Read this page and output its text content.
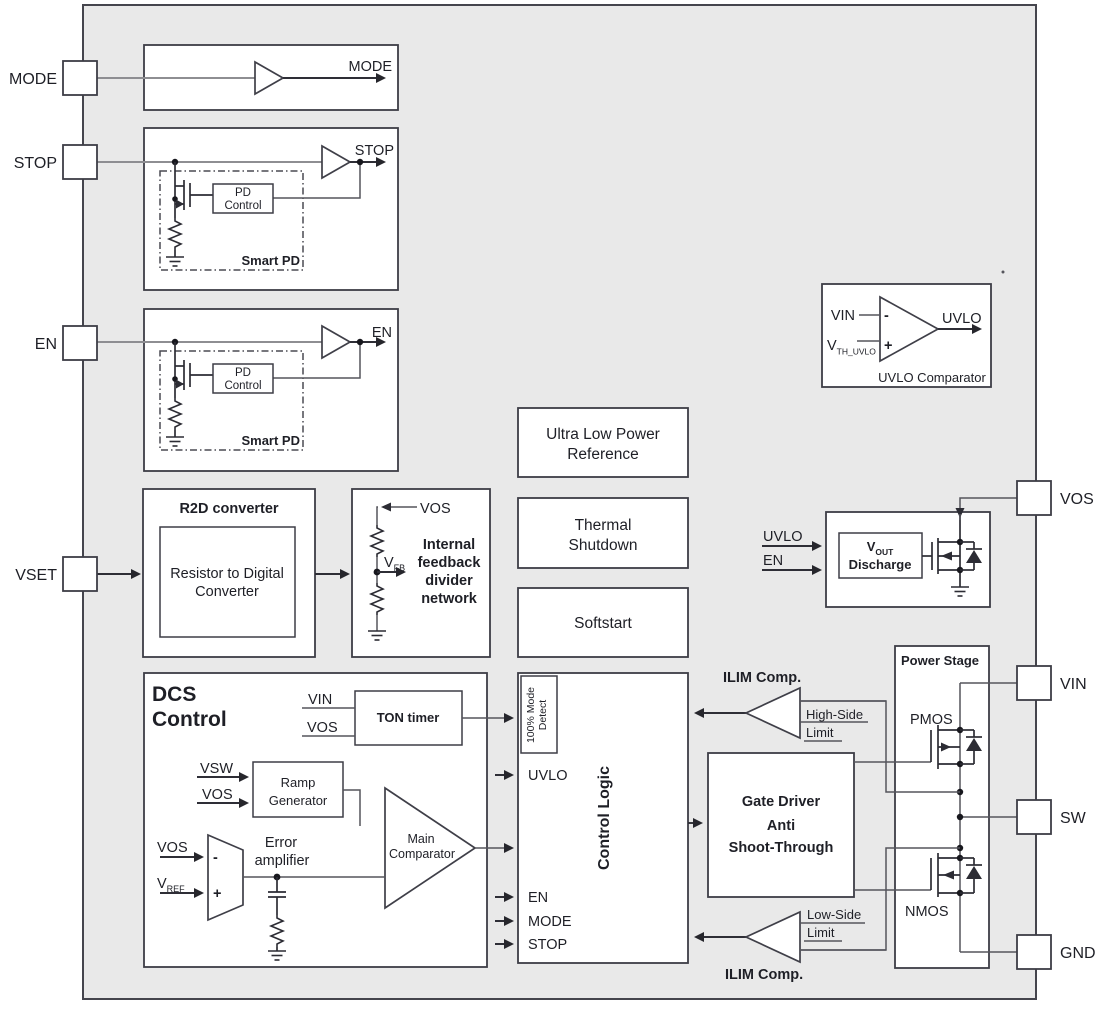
MODE
STOP
EN
R2D converter
Resistor to Digital
Converter
VOS
$V_{FB}$
Internal
feedback
divider
network
Ultra Low Power
Reference
Thermal
Shutdown
Softstart
VIN -
$V_{TH\_UVLO}$ +
UVLO
UVLO Comparator
UVLO
EN
$V_{OUT}$
Discharge
DCS
Control	TON timer
VIN
VOS
Ramp
Generator
VSW
VOS
Main
Comparator
-
+
VOS
$V_{REF}$
Error
amplifier
100% Mode Detect
Control Logic
UVLO
EN
MODE
STOP
ILIM Comp.
High-Side
Limit
Gate Driver
Anti
Shoot-Through
Low-Side
Limit
ILIM Comp.
Power Stage
PMOS
NMOS
MODE
STOP
EN
VSET
VOS
VIN
SW
GND
